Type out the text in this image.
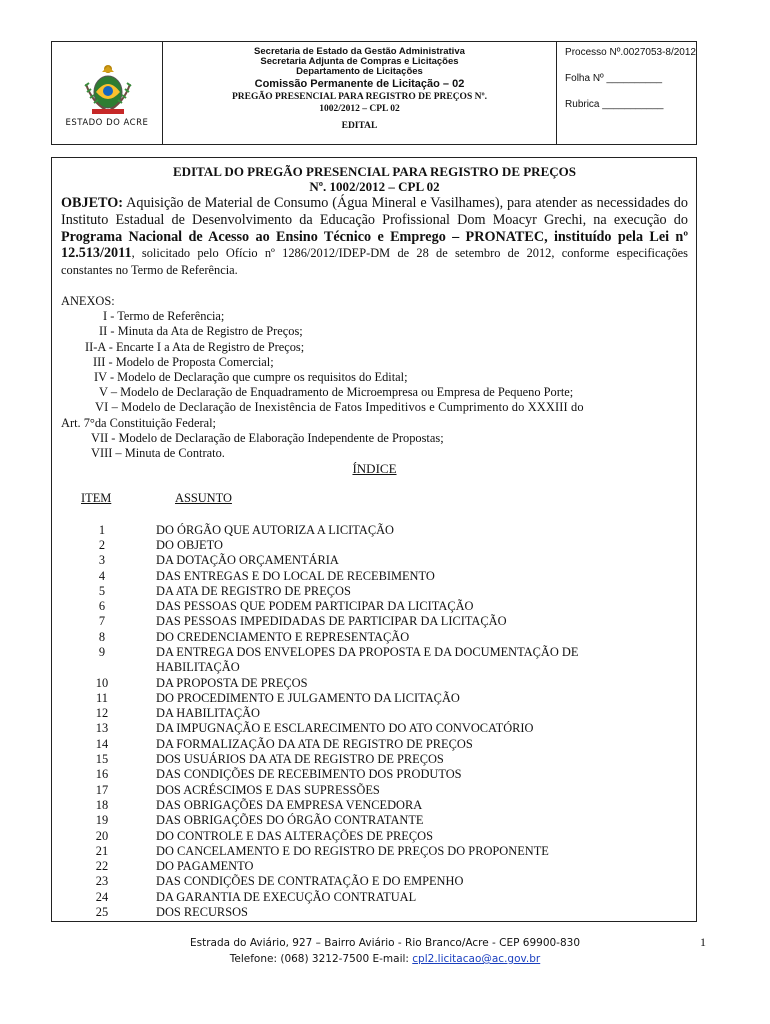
ESTADO DO ACRE
Secretaria de Estado da Gestão Administrativa
Secretaria Adjunta de Compras e Licitações
Departamento de Licitações
Comissão Permanente de Licitação – 02
PREGÃO PRESENCIAL PARA REGISTRO DE PREÇOS Nº.
1002/2012 – CPL 02
EDITAL
Processo Nº.0027053-8/2012
Folha Nº __________
Rubrica ___________
EDITAL DO PREGÃO PRESENCIAL PARA REGISTRO DE PREÇOS
Nº. 1002/2012 – CPL 02
OBJETO: Aquisição de Material de Consumo (Água Mineral e Vasilhames), para atender as necessidades do Instituto Estadual de Desenvolvimento da Educação Profissional Dom Moacyr Grechi, na execução do Programa Nacional de Acesso ao Ensino Técnico e Emprego – PRONATEC, instituído pela Lei nº 12.513/2011, solicitado pelo Ofício nº 1286/2012/IDEP-DM de 28 de setembro de 2012, conforme especificações constantes no Termo de Referência.
ANEXOS:
I - Termo de Referência;
II - Minuta da Ata de Registro de Preços;
II-A - Encarte I a Ata de Registro de Preços;
III - Modelo de Proposta Comercial;
IV - Modelo de Declaração que cumpre os requisitos do Edital;
V – Modelo de Declaração de Enquadramento de Microempresa ou Empresa de Pequeno Porte;
VI – Modelo de Declaração de Inexistência de Fatos Impeditivos e Cumprimento do XXXIII do
Art. 7°da Constituição Federal;
VII - Modelo de Declaração de Elaboração Independente de Propostas;
VIII – Minuta de Contrato.
ÍNDICE
ITEM	ASSUNTO
1	DO ÓRGÃO QUE AUTORIZA A LICITAÇÃO
2	DO OBJETO
3	DA DOTAÇÃO ORÇAMENTÁRIA
4	DAS ENTREGAS E DO LOCAL DE RECEBIMENTO
5	DA ATA DE REGISTRO DE PREÇOS
6	DAS PESSOAS QUE PODEM PARTICIPAR DA LICITAÇÃO
7	DAS PESSOAS IMPEDIDADAS DE PARTICIPAR DA LICITAÇÃO
8	DO CREDENCIAMENTO E REPRESENTAÇÃO
9	DA ENTREGA DOS ENVELOPES DA PROPOSTA E DA DOCUMENTAÇÃO DE HABILITAÇÃO
10	DA PROPOSTA DE PREÇOS
11	DO PROCEDIMENTO E JULGAMENTO DA LICITAÇÃO
12	DA HABILITAÇÃO
13	DA IMPUGNAÇÃO E ESCLARECIMENTO DO ATO CONVOCATÓRIO
14	DA FORMALIZAÇÃO DA ATA DE REGISTRO DE PREÇOS
15	DOS USUÁRIOS DA ATA DE REGISTRO DE PREÇOS
16	DAS CONDIÇÕES DE RECEBIMENTO DOS PRODUTOS
17	DOS ACRÉSCIMOS E DAS SUPRESSÕES
18	DAS OBRIGAÇÕES DA EMPRESA VENCEDORA
19	DAS OBRIGAÇÕES DO ÓRGÃO CONTRATANTE
20	DO CONTROLE E DAS ALTERAÇÕES DE PREÇOS
21	DO CANCELAMENTO E DO REGISTRO DE PREÇOS DO PROPONENTE
22	DO PAGAMENTO
23	DAS CONDIÇÕES DE CONTRATAÇÃO E DO EMPENHO
24	DA GARANTIA DE EXECUÇÃO CONTRATUAL
25	DOS RECURSOS
Estrada do Aviário, 927 – Bairro Aviário - Rio Branco/Acre - CEP 69900-830
Telefone: (068) 3212-7500 E-mail: cpl2.licitacao@ac.gov.br
1
